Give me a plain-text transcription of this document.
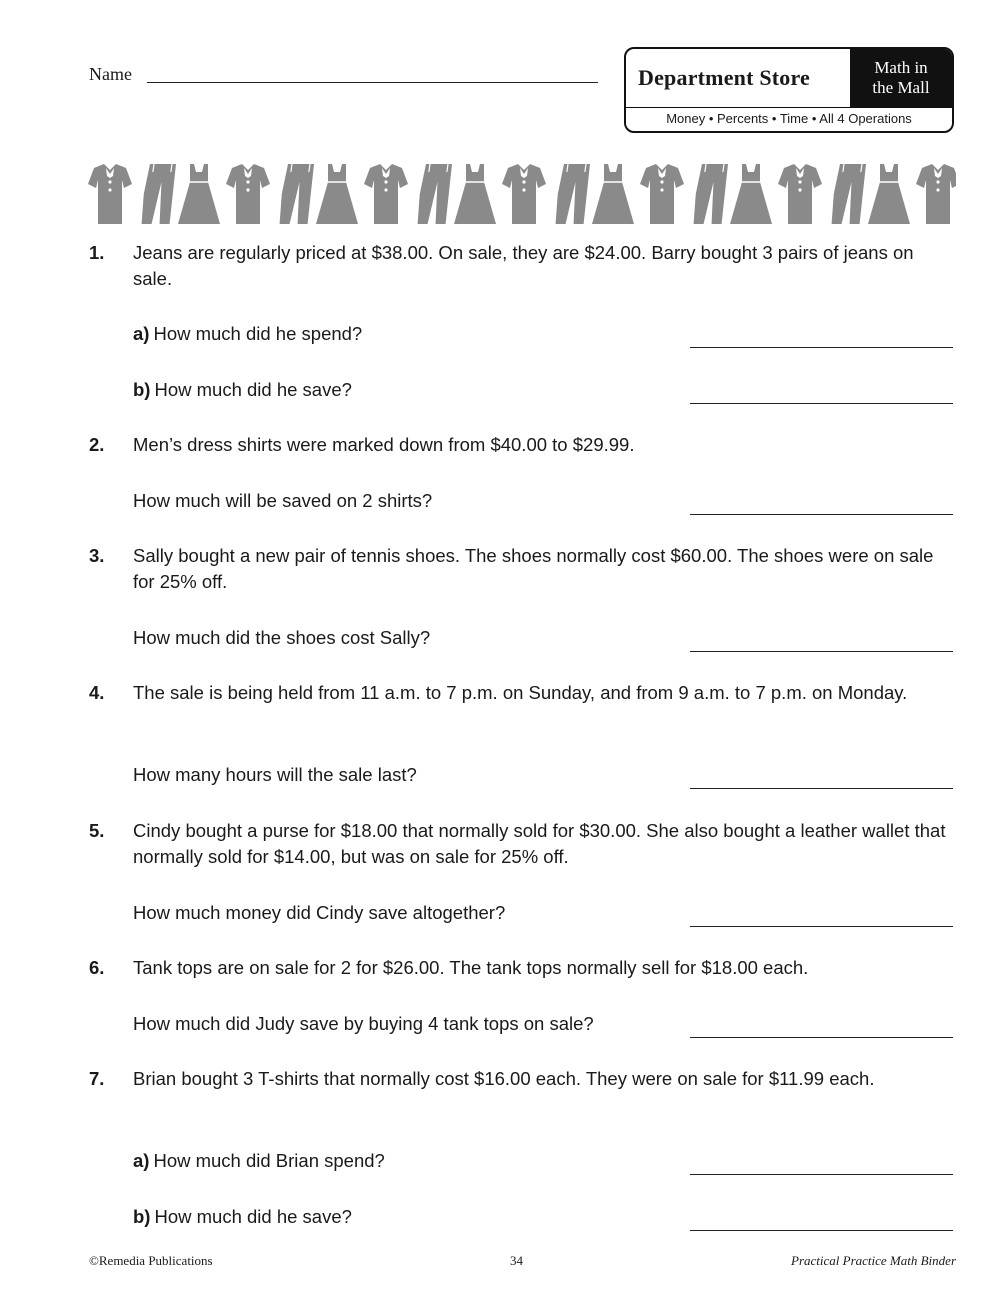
Name	Department Store	Math in
the Mall
Money • Percents • Time • All 4 Operations
1. Jeans are regularly priced at $38.00. On sale, they are $24.00. Barry bought 3 pairs of jeans on sale.
a) How much did he spend?
b) How much did he save?
2. Men’s dress shirts were marked down from $40.00 to $29.99.
How much will be saved on 2 shirts?
3. Sally bought a new pair of tennis shoes. The shoes normally cost $60.00. The shoes were on sale for 25% off.
How much did the shoes cost Sally?
4. The sale is being held from 11 a.m. to 7 p.m. on Sunday, and from 9 a.m. to 7 p.m. on Monday.
How many hours will the sale last?
5. Cindy bought a purse for $18.00 that normally sold for $30.00. She also bought a leather wallet that normally sold for $14.00, but was on sale for 25% off.
How much money did Cindy save altogether?
6. Tank tops are on sale for 2 for $26.00. The tank tops normally sell for $18.00 each.
How much did Judy save by buying 4 tank tops on sale?
7. Brian bought 3 T-shirts that normally cost $16.00 each. They were on sale for $11.99 each.
a) How much did Brian spend?
b) How much did he save?
©Remedia Publications	34	Practical Practice Math Binder
